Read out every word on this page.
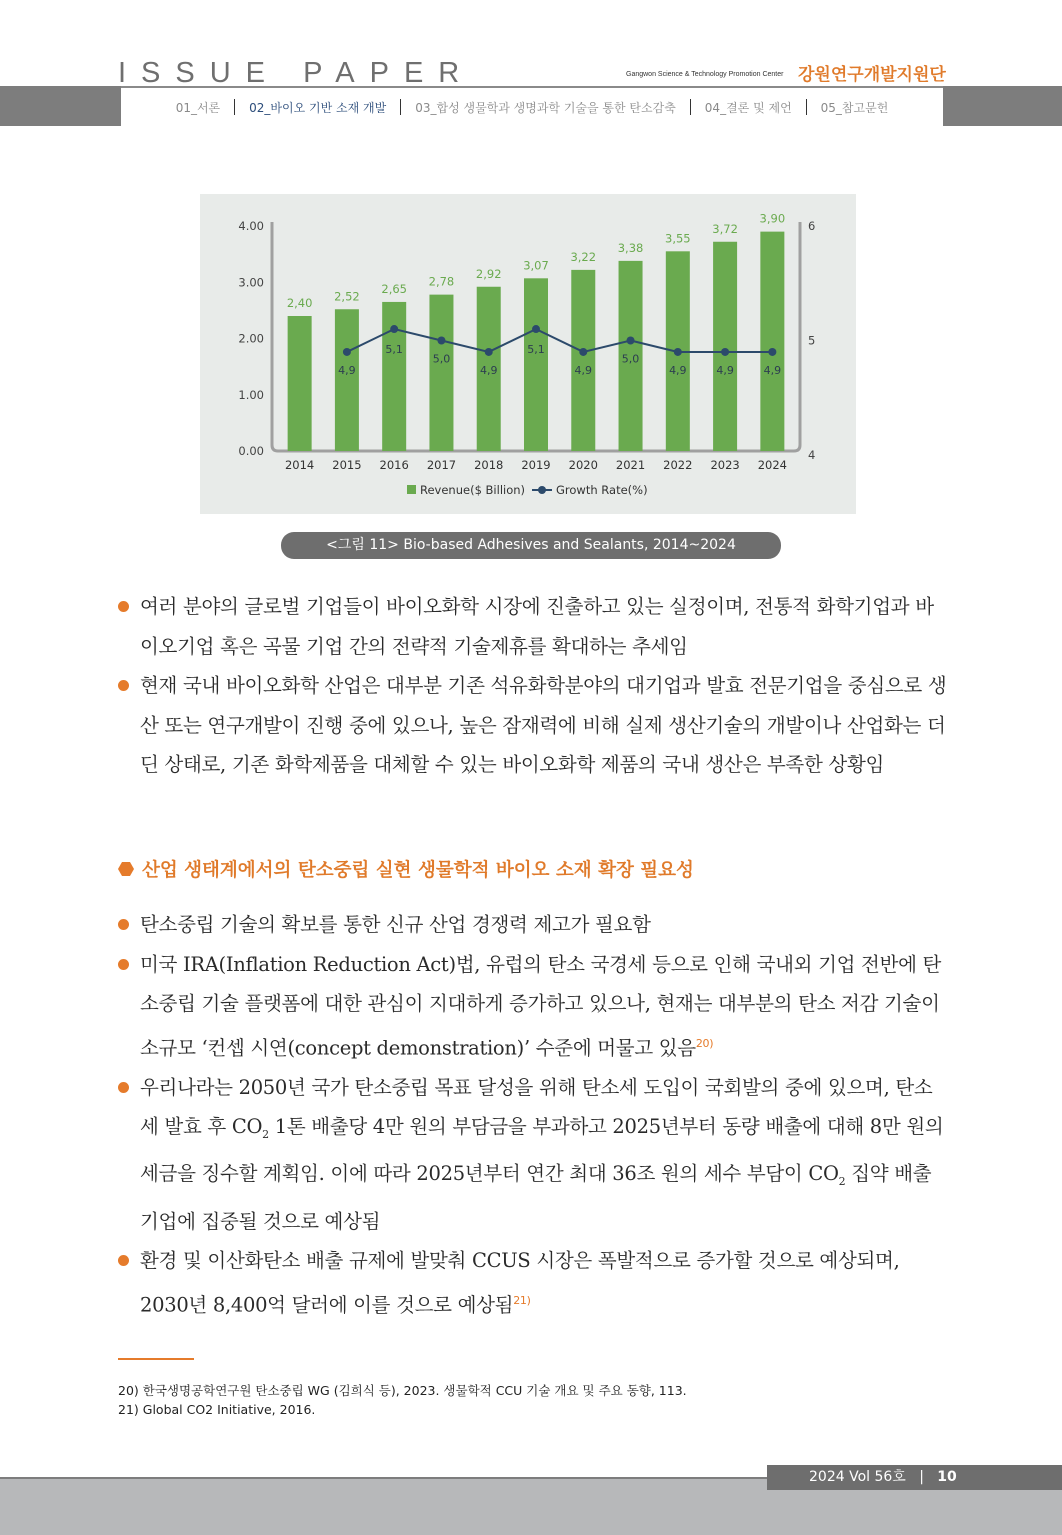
ISSUE PAPER	Gangwon Science & Technology Promotion Center 강원연구개발지원단
01_서론	02_바이오 기반 소재 개발	03_합성 생물학과 생명과학 기술을 통한 탄소감축	04_결론 및 제언	05_참고문헌
0.00
1.00
2.00
3.00
4.00
4
5
6
2,40
2014
2,52
2015
2,65
2016
2,78
2017
2,92
2018
3,07
2019
3,22
2020
3,38
2021
3,55
2022
3,72
2023
3,90
2024
4,9
5,1
5,0
4,9
5,1
4,9
5,0
4,9	4,9	4,9
Revenue($ Billion)	Growth Rate(%)
<그림 11> Bio-based Adhesives and Sealants, 2014~2024
여러 분야의 글로벌 기업들이 바이오화학 시장에 진출하고 있는 실정이며, 전통적 화학기업과 바이오기업 혹은 곡물 기업 간의 전략적 기술제휴를 확대하는 추세임
현재 국내 바이오화학 산업은 대부분 기존 석유화학분야의 대기업과 발효 전문기업을 중심으로 생산 또는 연구개발이 진행 중에 있으나, 높은 잠재력에 비해 실제 생산기술의 개발이나 산업화는 더딘 상태로, 기존 화학제품을 대체할 수 있는 바이오화학 제품의 국내 생산은 부족한 상황임
산업 생태계에서의 탄소중립 실현 생물학적 바이오 소재 확장 필요성
탄소중립 기술의 확보를 통한 신규 산업 경쟁력 제고가 필요함
미국 IRA(Inflation Reduction Act)법, 유럽의 탄소 국경세 등으로 인해 국내외 기업 전반에 탄소중립 기술 플랫폼에 대한 관심이 지대하게 증가하고 있으나, 현재는 대부분의 탄소 저감 기술이 소규모 ‘컨셉 시연(concept demonstration)’ 수준에 머물고 있음$^{20)}$
우리나라는 2050년 국가 탄소중립 목표 달성을 위해 탄소세 도입이 국회발의 중에 있으며, 탄소세 발효 후 $CO_2$ 1톤 배출당 4만 원의 부담금을 부과하고 2025년부터 동량 배출에 대해 8만 원의 세금을 징수할 계획임. 이에 따라 2025년부터 연간 최대 36조 원의 세수 부담이 $CO_2$ 집약 배출 기업에 집중될 것으로 예상됨
환경 및 이산화탄소 배출 규제에 발맞춰 CCUS 시장은 폭발적으로 증가할 것으로 예상되며, 2030년 8,400억 달러에 이를 것으로 예상됨$^{21)}$
20) 한국생명공학연구원 탄소중립 WG (김희식 등), 2023. 생물학적 CCU 기술 개요 및 주요 동향, 113.
21) Global CO2 Initiative, 2016.
2024 Vol 56호 | 10
